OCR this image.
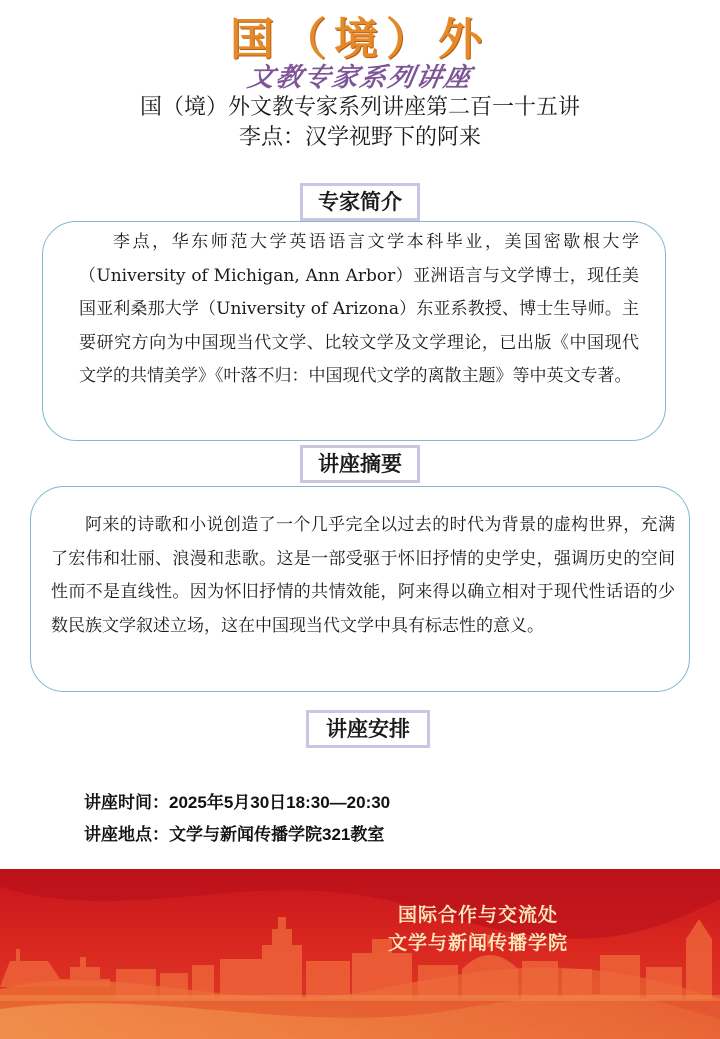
国（境）外
文教专家系列讲座
国（境）外文教专家系列讲座第二百一十五讲
李点：汉学视野下的阿来
专家简介

李点，华东师范大学英语语言文学本科毕业，美国密歇根大学（University of Michigan, Ann Arbor）亚洲语言与文学博士，现任美国亚利桑那大学（University of Arizona）东亚系教授、博士生导师。主要研究方向为中国现当代文学、比较文学及文学理论，已出版《中国现代文学的共情美学》《叶落不归：中国现代文学的离散主题》等中英文专著。

讲座摘要

阿来的诗歌和小说创造了一个几乎完全以过去的时代为背景的虚构世界，充满了宏伟和壮丽、浪漫和悲歌。这是一部受驱于怀旧抒情的史学史，强调历史的空间性而不是直线性。因为怀旧抒情的共情效能，阿来得以确立相对于现代性话语的少数民族文学叙述立场，这在中国现当代文学中具有标志性的意义。

讲座安排
讲座时间：2025年5月30日18:30—20:30
讲座地点：文学与新闻传播学院321教室
国际合作与交流处
文学与新闻传播学院
